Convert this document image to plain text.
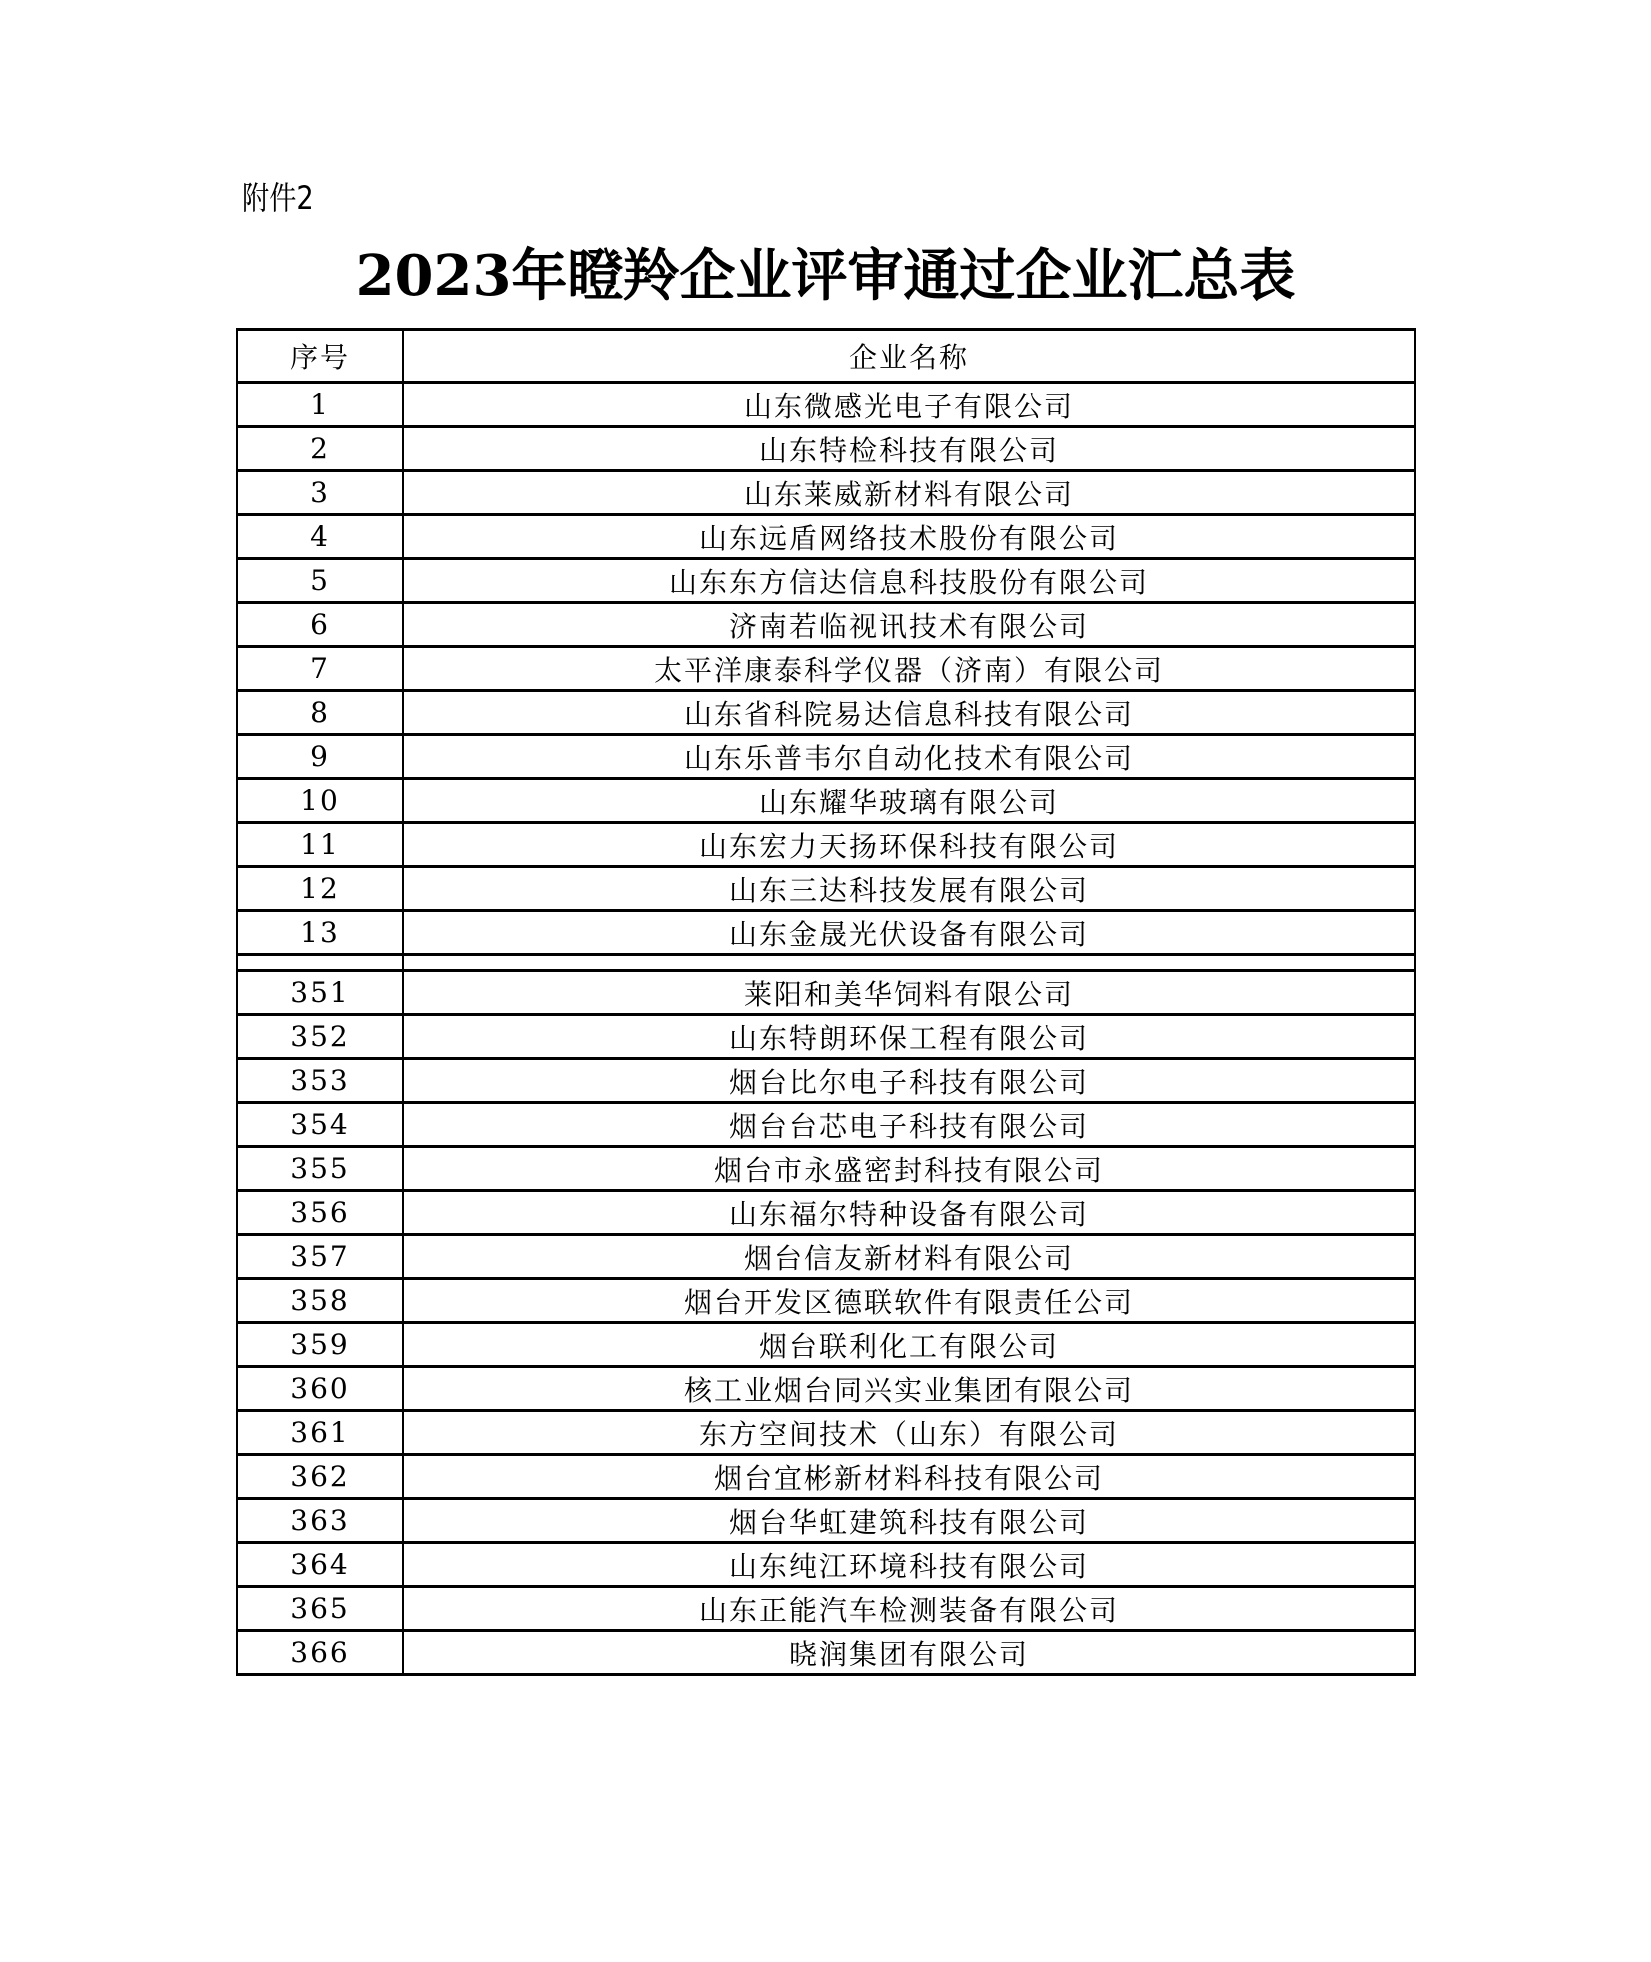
附件2
2023年瞪羚企业评审通过企业汇总表
序号	企业名称
1	山东微感光电子有限公司
2	山东特检科技有限公司
3	山东莱威新材料有限公司
4	山东远盾网络技术股份有限公司
5	山东东方信达信息科技股份有限公司
6	济南若临视讯技术有限公司
7	太平洋康泰科学仪器（济南）有限公司
8	山东省科院易达信息科技有限公司
9	山东乐普韦尔自动化技术有限公司
10	山东耀华玻璃有限公司
11	山东宏力天扬环保科技有限公司
12	山东三达科技发展有限公司
13	山东金晟光伏设备有限公司

351	莱阳和美华饲料有限公司
352	山东特朗环保工程有限公司
353	烟台比尔电子科技有限公司
354	烟台台芯电子科技有限公司
355	烟台市永盛密封科技有限公司
356	山东福尔特种设备有限公司
357	烟台信友新材料有限公司
358	烟台开发区德联软件有限责任公司
359	烟台联利化工有限公司
360	核工业烟台同兴实业集团有限公司
361	东方空间技术（山东）有限公司
362	烟台宜彬新材料科技有限公司
363	烟台华虹建筑科技有限公司
364	山东纯江环境科技有限公司
365	山东正能汽车检测装备有限公司
366	晓润集团有限公司
